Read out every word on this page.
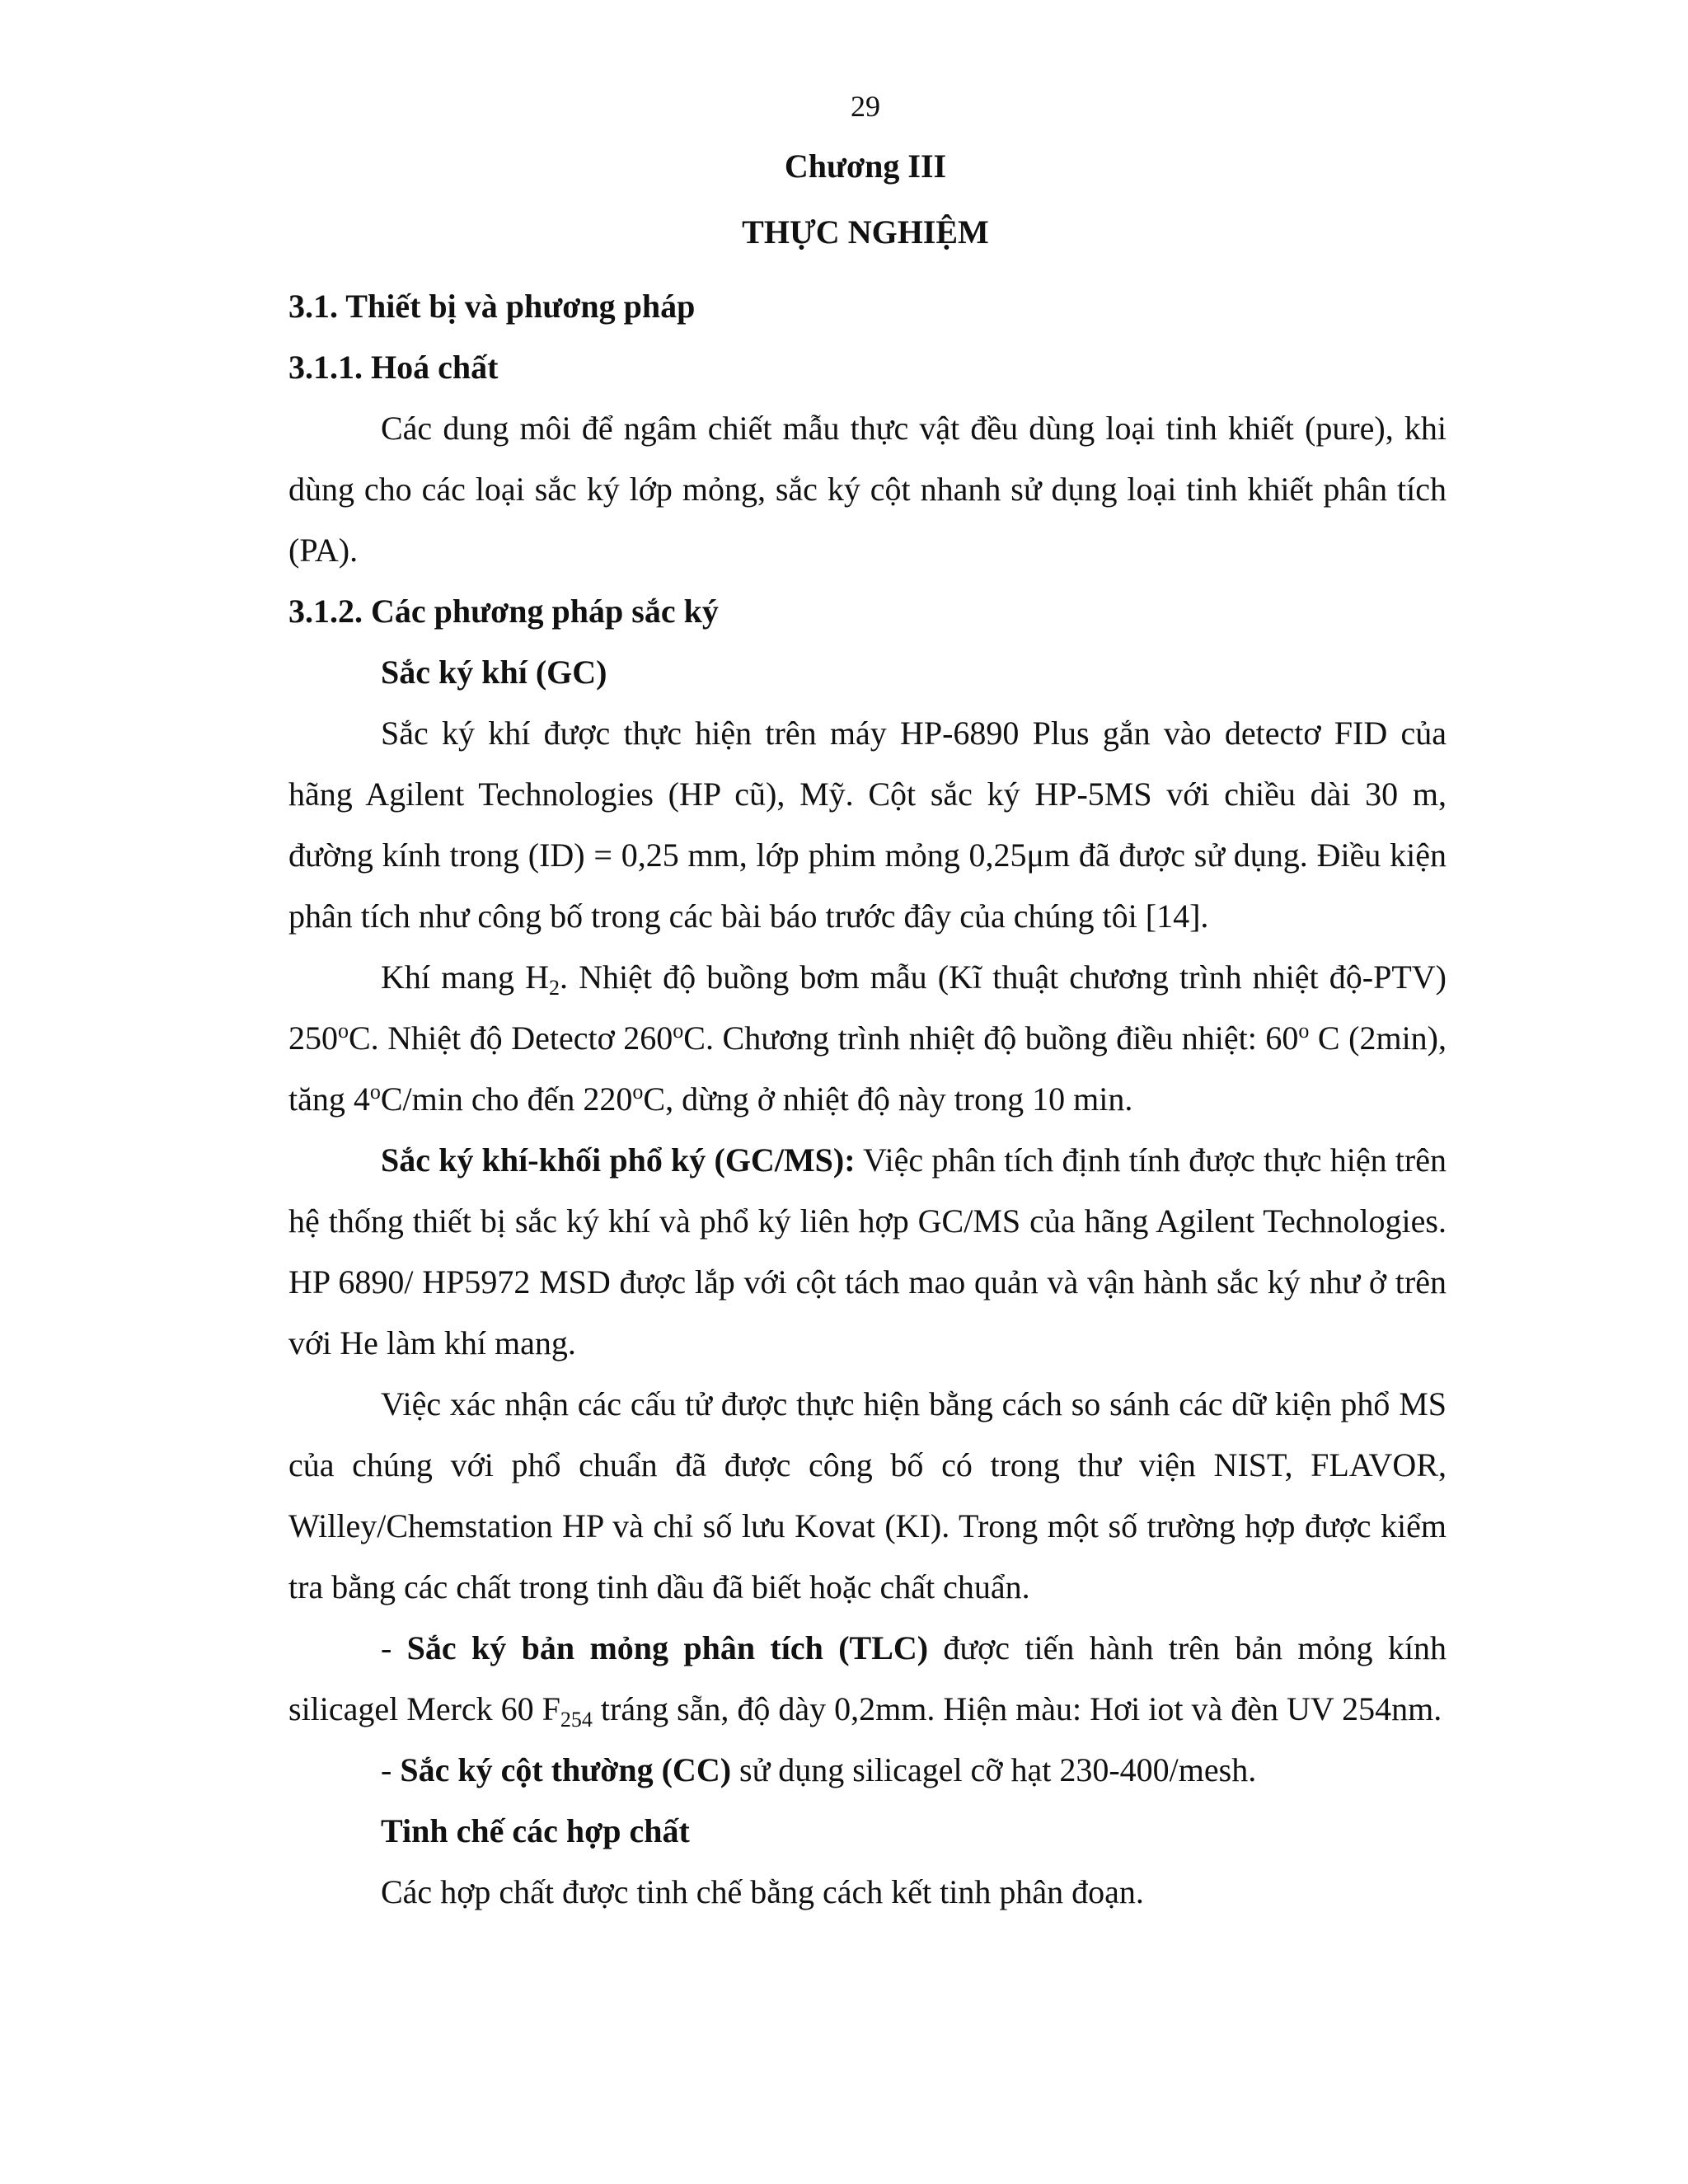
29
Chương III
THỰC NGHIỆM

3.1. Thiết bị và phương pháp

3.1.1. Hoá chất

Các dung môi để ngâm chiết mẫu thực vật đều dùng loại tinh khiết (pure), khi dùng cho các loại sắc ký lớp mỏng, sắc ký cột nhanh sử dụng loại tinh khiết phân tích (PA).

3.1.2. Các phương pháp sắc ký

Sắc ký khí (GC)

Sắc ký khí được thực hiện trên máy HP-6890 Plus gắn vào detectơ FID của hãng Agilent Technologies (HP cũ), Mỹ. Cột sắc ký HP-5MS với chiều dài 30 m, đường kính trong (ID) = 0,25 mm, lớp phim mỏng 0,25μm đã được sử dụng. Điều kiện phân tích như công bố trong các bài báo trước đây của chúng tôi [14].

Khí mang $H_2$. Nhiệt độ buồng bơm mẫu (Kĩ thuật chương trình nhiệt độ-PTV) 250$^o$C. Nhiệt độ Detectơ 260$^o$C. Chương trình nhiệt độ buồng điều nhiệt: 60$^o$ C (2min), tăng 4$^o$C/min cho đến 220$^o$C, dừng ở nhiệt độ này trong 10 min.

Sắc ký khí-khối phổ ký (GC/MS): Việc phân tích định tính được thực hiện trên hệ thống thiết bị sắc ký khí và phổ ký liên hợp GC/MS của hãng Agilent Technologies. HP 6890/ HP5972 MSD được lắp với cột tách mao quản và vận hành sắc ký như ở trên với He làm khí mang.

Việc xác nhận các cấu tử được thực hiện bằng cách so sánh các dữ kiện phổ MS của chúng với phổ chuẩn đã được công bố có trong thư viện NIST, FLAVOR, Willey/Chemstation HP và chỉ số lưu Kovat (KI). Trong một số trường hợp được kiểm tra bằng các chất trong tinh dầu đã biết hoặc chất chuẩn.

- Sắc ký bản mỏng phân tích (TLC) được tiến hành trên bản mỏng kính silicagel Merck 60 $F_{254}$ tráng sẵn, độ dày 0,2mm. Hiện màu: Hơi iot và đèn UV 254nm.

- Sắc ký cột thường (CC) sử dụng silicagel cỡ hạt 230-400/mesh.

Tinh chế các hợp chất

Các hợp chất được tinh chế bằng cách kết tinh phân đoạn.
